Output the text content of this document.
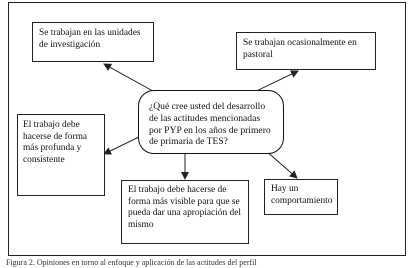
Se trabajan en las unidades de investigación	Se trabajan ocasionalmente en pastoral
¿Qué cree usted del desarrollo de las actitudes mencionadas por PYP en los años de primero de primaria de TES?
El trabajo debe hacerse de forma más profunda y consistente
El trabajo debe hacerse de forma más visible para que se pueda dar una apropiación del mismo
Hay un comportamiento
Figura 2. Opiniones en torno al enfoque y aplicación de las actitudes del perfil
